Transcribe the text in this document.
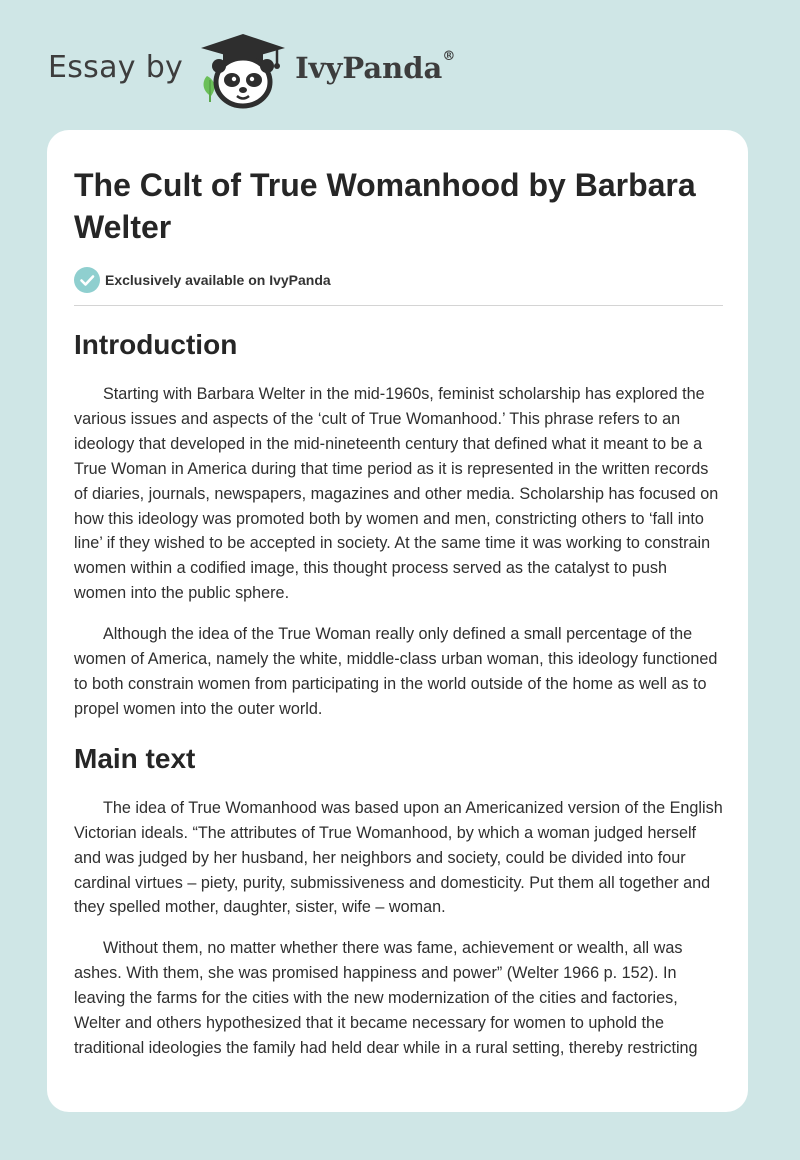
Essay by	IvyPanda®
The Cult of True Womanhood by Barbara Welter
Exclusively available on IvyPanda
Introduction

Starting with Barbara Welter in the mid-1960s, feminist scholarship has explored the various issues and aspects of the ‘cult of True Womanhood.’ This phrase refers to an ideology that developed in the mid-nineteenth century that defined what it meant to be a True Woman in America during that time period as it is represented in the written records of diaries, journals, newspapers, magazines and other media. Scholarship has focused on how this ideology was promoted both by women and men, constricting others to ‘fall into line’ if they wished to be accepted in society. At the same time it was working to constrain women within a codified image, this thought process served as the catalyst to push women into the public sphere.

Although the idea of the True Woman really only defined a small percentage of the women of America, namely the white, middle-class urban woman, this ideology functioned to both constrain women from participating in the world outside of the home as well as to propel women into the outer world.

Main text

The idea of True Womanhood was based upon an Americanized version of the English Victorian ideals. “The attributes of True Womanhood, by which a woman judged herself and was judged by her husband, her neighbors and society, could be divided into four cardinal virtues – piety, purity, submissiveness and domesticity. Put them all together and they spelled mother, daughter, sister, wife – woman.

Without them, no matter whether there was fame, achievement or wealth, all was ashes. With them, she was promised happiness and power” (Welter 1966 p. 152). In leaving the farms for the cities with the new modernization of the cities and factories, Welter and others hypothesized that it became necessary for women to uphold the traditional ideologies the family had held dear while in a rural setting, thereby restricting
